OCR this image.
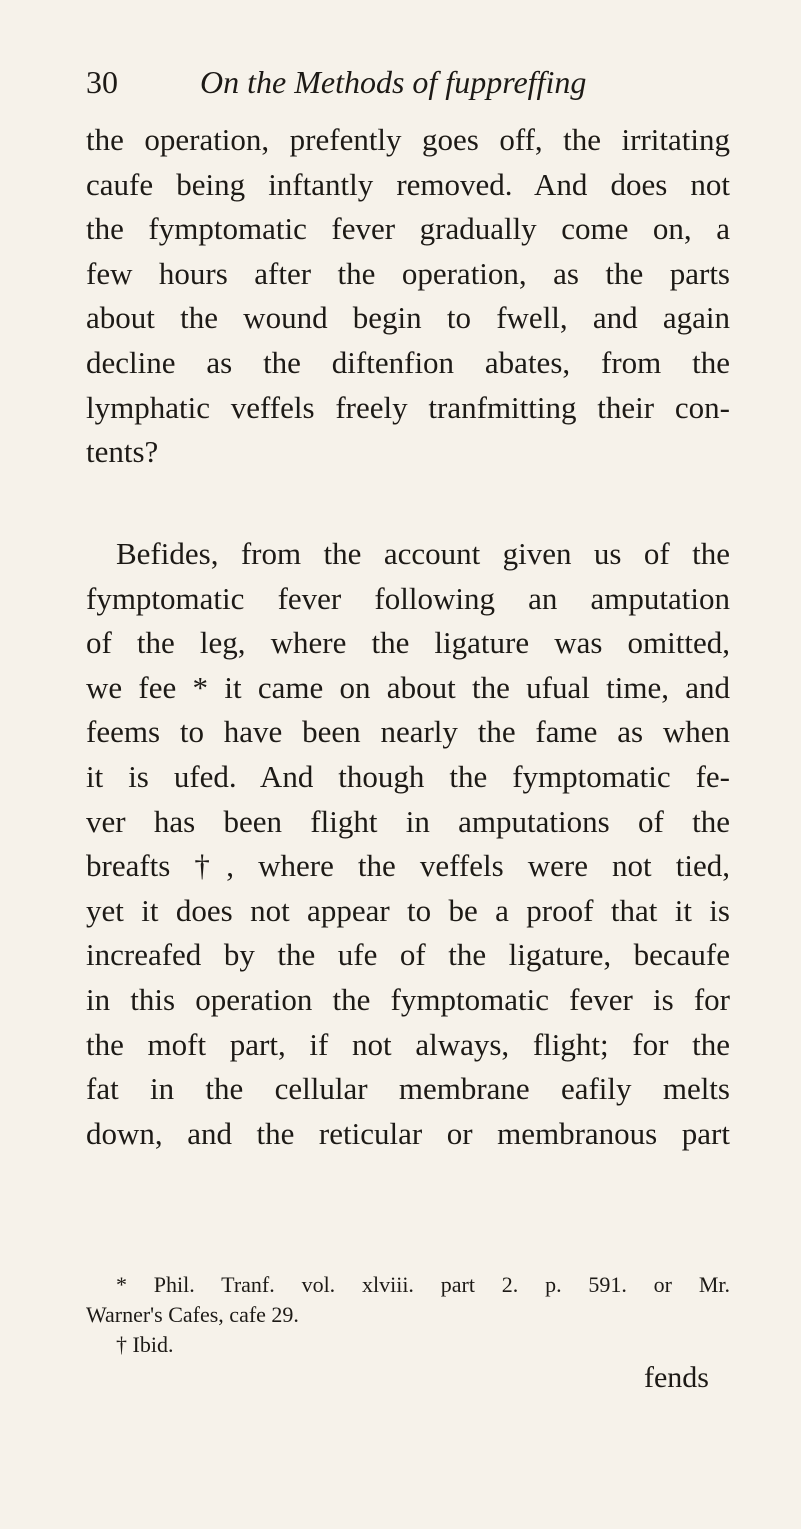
30	On the Methods of fuppreffing
the operation, prefently goes off, the irritating
caufe being inftantly removed. And does not
the fymptomatic fever gradually come on, a
few hours after the operation, as the parts
about the wound begin to fwell, and again
decline as the diftenfion abates, from the
lymphatic veffels freely tranfmitting their con-
tents?
Befides, from the account given us of the
fymptomatic fever following an amputation
of the leg, where the ligature was omitted,
we fee * it came on about the ufual time, and
feems to have been nearly the fame as when
it is ufed. And though the fymptomatic fe-
ver has been flight in amputations of the
breafts †, where the veffels were not tied,
yet it does not appear to be a proof that it is
increafed by the ufe of the ligature, becaufe
in this operation the fymptomatic fever is for
the moft part, if not always, flight; for the
fat in the cellular membrane eafily melts
down, and the reticular or membranous part
* Phil. Tranf. vol. xlviii. part 2. p. 591. or Mr.
Warner's Cafes, cafe 29.
† Ibid.
fends
